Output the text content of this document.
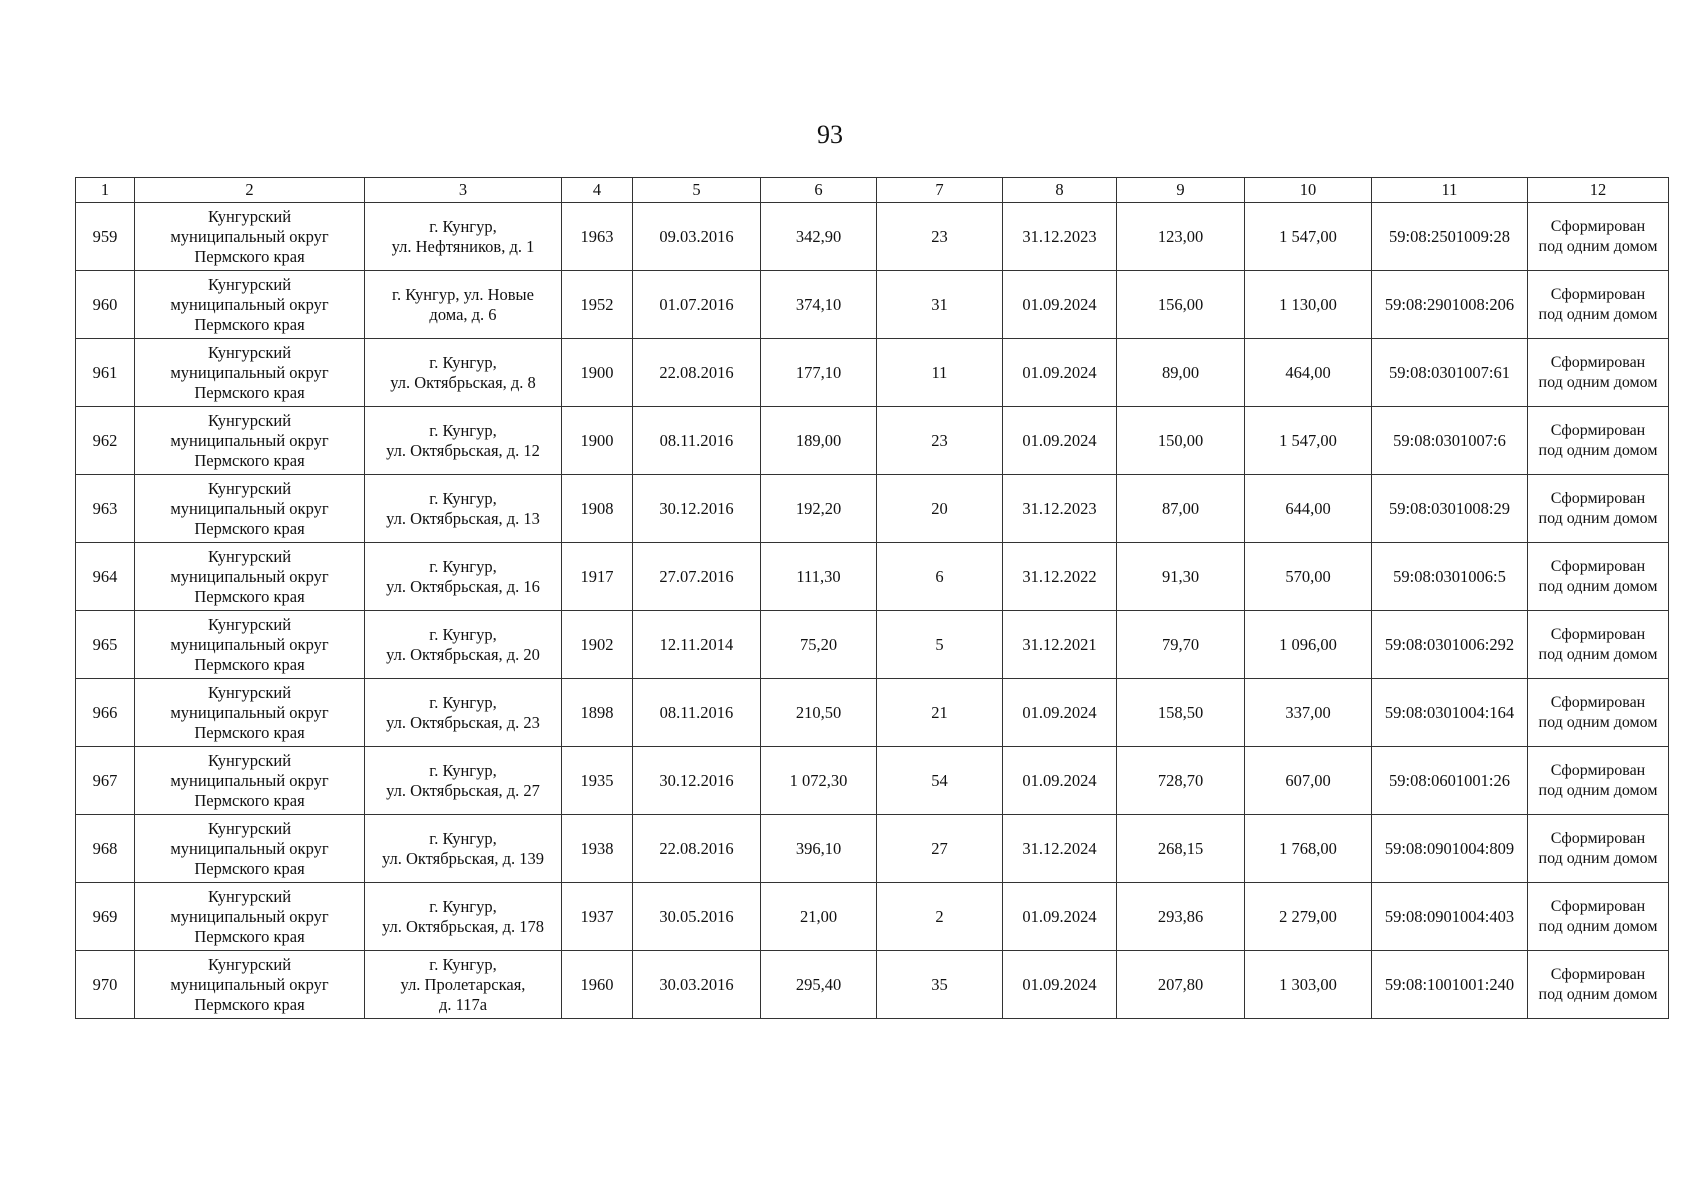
93
1	2	3	4	5	6	7	8	9	10	11	12
959	Кунгурский
муниципальный округ
Пермского края	г. Кунгур,
ул. Нефтяников, д. 1	1963	09.03.2016	342,90	23	31.12.2023	123,00	1 547,00	59:08:2501009:28	Сформирован
под одним домом

960	Кунгурский
муниципальный округ
Пермского края	г. Кунгур, ул. Новые
дома, д. 6	1952	01.07.2016	374,10	31	01.09.2024	156,00	1 130,00	59:08:2901008:206	Сформирован
под одним домом

961	Кунгурский
муниципальный округ
Пермского края	г. Кунгур,
ул. Октябрьская, д. 8	1900	22.08.2016	177,10	11	01.09.2024	89,00	464,00	59:08:0301007:61	Сформирован
под одним домом

962	Кунгурский
муниципальный округ
Пермского края	г. Кунгур,
ул. Октябрьская, д. 12	1900	08.11.2016	189,00	23	01.09.2024	150,00	1 547,00	59:08:0301007:6	Сформирован
под одним домом

963	Кунгурский
муниципальный округ
Пермского края	г. Кунгур,
ул. Октябрьская, д. 13	1908	30.12.2016	192,20	20	31.12.2023	87,00	644,00	59:08:0301008:29	Сформирован
под одним домом

964	Кунгурский
муниципальный округ
Пермского края	г. Кунгур,
ул. Октябрьская, д. 16	1917	27.07.2016	111,30	6	31.12.2022	91,30	570,00	59:08:0301006:5	Сформирован
под одним домом

965	Кунгурский
муниципальный округ
Пермского края	г. Кунгур,
ул. Октябрьская, д. 20	1902	12.11.2014	75,20	5	31.12.2021	79,70	1 096,00	59:08:0301006:292	Сформирован
под одним домом

966	Кунгурский
муниципальный округ
Пермского края	г. Кунгур,
ул. Октябрьская, д. 23	1898	08.11.2016	210,50	21	01.09.2024	158,50	337,00	59:08:0301004:164	Сформирован
под одним домом

967	Кунгурский
муниципальный округ
Пермского края	г. Кунгур,
ул. Октябрьская, д. 27	1935	30.12.2016	1 072,30	54	01.09.2024	728,70	607,00	59:08:0601001:26	Сформирован
под одним домом

968	Кунгурский
муниципальный округ
Пермского края	г. Кунгур,
ул. Октябрьская, д. 139	1938	22.08.2016	396,10	27	31.12.2024	268,15	1 768,00	59:08:0901004:809	Сформирован
под одним домом

969	Кунгурский
муниципальный округ
Пермского края	г. Кунгур,
ул. Октябрьская, д. 178	1937	30.05.2016	21,00	2	01.09.2024	293,86	2 279,00	59:08:0901004:403	Сформирован
под одним домом

970	Кунгурский
муниципальный округ
Пермского края	г. Кунгур,
ул. Пролетарская,
д. 117а	1960	30.03.2016	295,40	35	01.09.2024	207,80	1 303,00	59:08:1001001:240	Сформирован
под одним домом
